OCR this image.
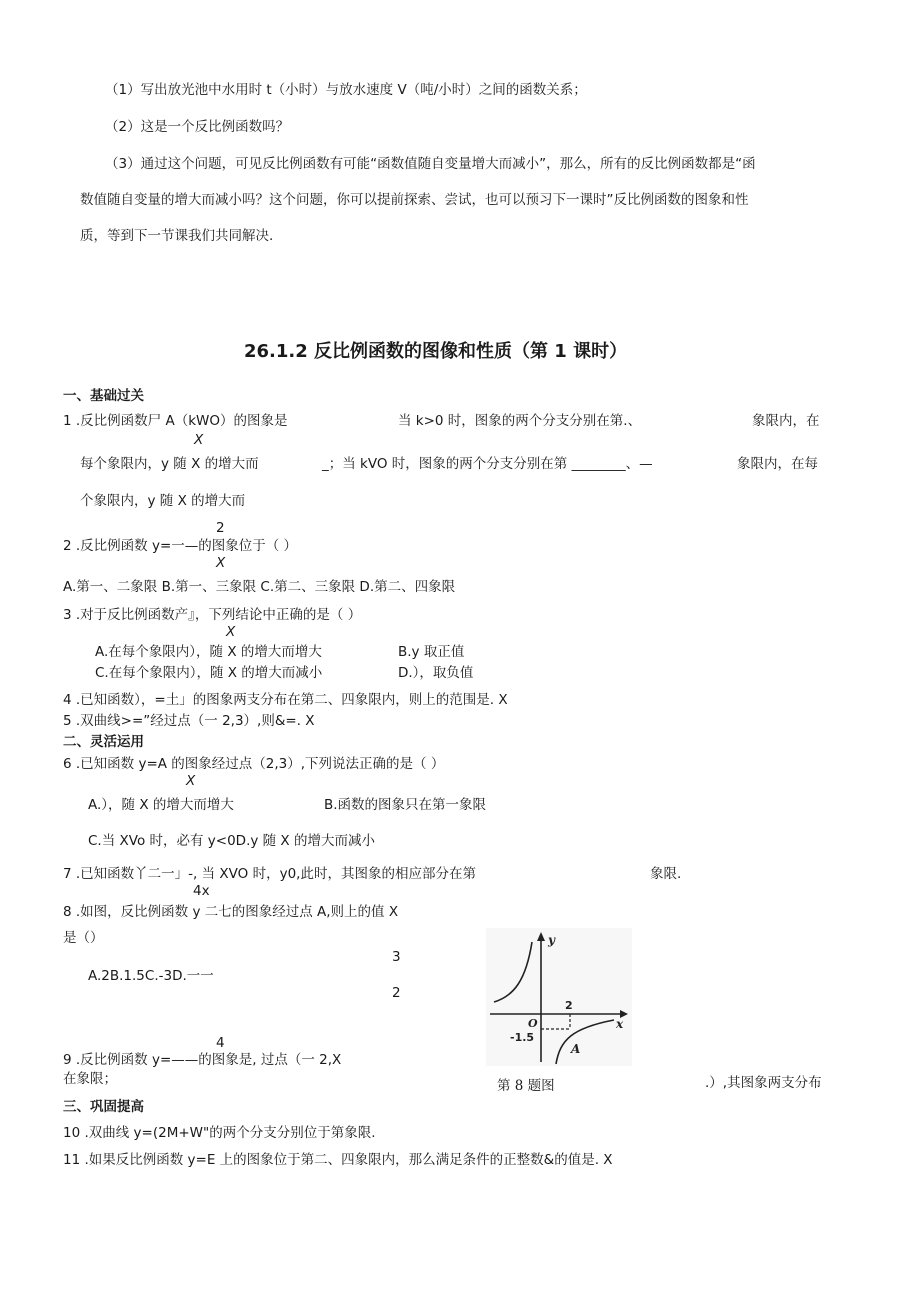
（1）写出放光池中水用时 t（小时）与放水速度 V（吨/小时）之间的函数关系；
（2）这是一个反比例函数吗？
（3）通过这个问题，可见反比例函数有可能“函数值随自变量增大而减小”，那么，所有的反比例函数都是“函
数值随自变量的增大而减小吗？这个问题，你可以提前探索、尝试，也可以预习下一课时”反比例函数的图象和性
质，等到下一节课我们共同解决.
26.1.2 反比例函数的图像和性质（第 1 课时）
一、基础过关
1 .反比例函数尸 A（kWO）的图象是	当 k>0 时，图象的两个分支分别在第.、	象限内，在
X
每个象限内，y 随 X 的增大而	_；当 kVO 时，图象的两个分支分别在第 ________、—	象限内，在每
个象限内，y 随 X 的增大而
2
2 .反比例函数 y=一—的图象位于（ ）
X
A.第一、二象限 B.第一、三象限 C.第二、三象限 D.第二、四象限
3 .对于反比例函数产』，下列结论中正确的是（ ）
X
A.在每个象限内），随 X 的增大而增大	B.y 取正值
C.在每个象限内），随 X 的增大而减小	D.），取负值
4 .已知函数），=土」的图象两支分布在第二、四象限内，则上的范围是. X
5 .双曲线>=”经过点（一 2,3）,则&=. X
二、灵活运用
6 .已知函数 y=A 的图象经过点（2,3）,下列说法正确的是（ ）
X
A.），随 X 的增大而增大	B.函数的图象只在第一象限
C.当 XVo 时，必有 y<0D.y 随 X 的增大而减小
7 .已知函数丫二一」-, 当 XVO 时，y0,此时，其图象的相应部分在第	象限.
4x
8 .如图，反比例函数 y 二七的图象经过点 A,则上的值 X
是（）
3
A.2B.1.5C.-3D.一一
2
4
9 .反比例函数 y=——的图象是, 过点（一 2,X
在象限；	.）,其图象两支分布
y
x
O
2
-1.5
A
第 8 题图
三、巩固提高
10 .双曲线 y=(2M+W"的两个分支分别位于第象限.
11 .如果反比例函数 y=E 上的图象位于第二、四象限内，那么满足条件的正整数&的值是. X
